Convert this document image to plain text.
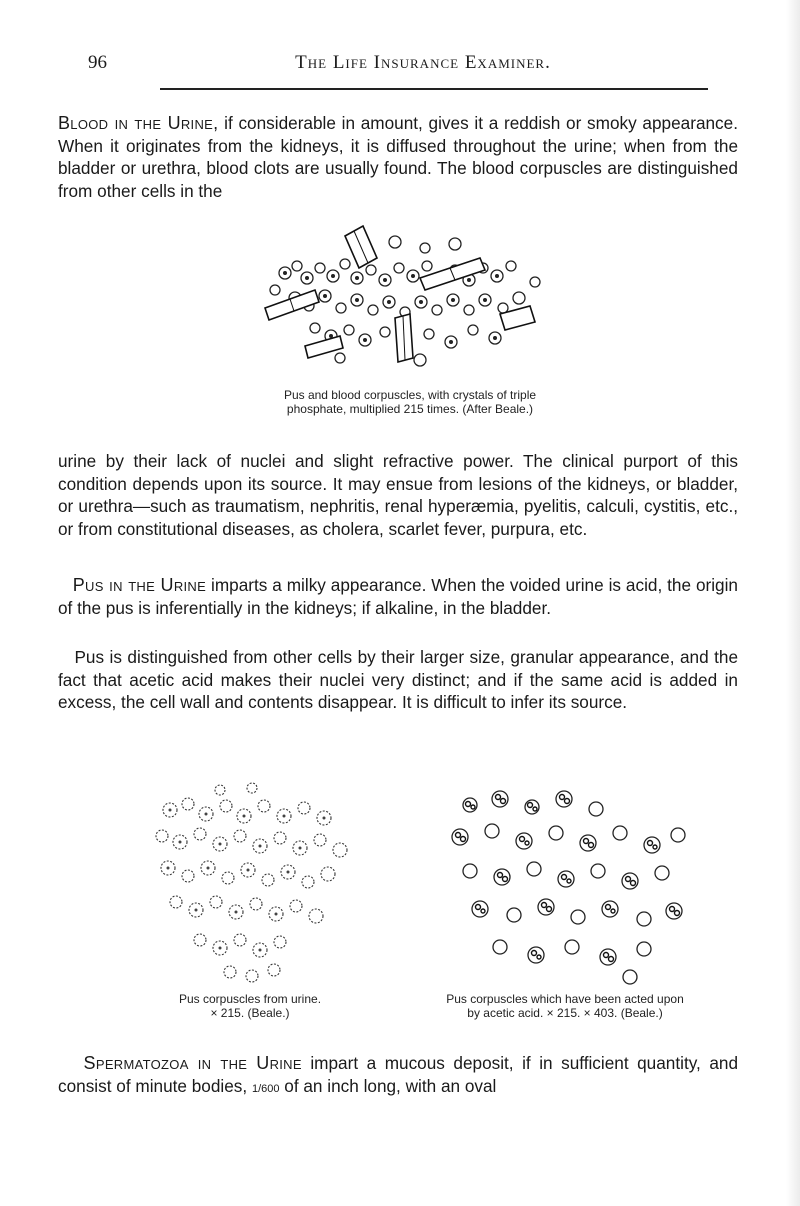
96	The Life Insurance Examiner.
Blood in the Urine, if considerable in amount, gives it a reddish or smoky appearance. When it originates from the kidneys, it is diffused throughout the urine; when from the bladder or urethra, blood clots are usually found. The blood corpuscles are distinguished from other cells in the
Pus and blood corpuscles, with crystals of triple
phosphate, multiplied 215 times. (After Beale.)
urine by their lack of nuclei and slight refractive power. The clinical purport of this condition depends upon its source. It may ensue from lesions of the kidneys, or bladder, or urethra—such as traumatism, nephritis, renal hyperæmia, pyelitis, calculi, cystitis, etc., or from constitutional diseases, as cholera, scarlet fever, purpura, etc.
Pus in the Urine imparts a milky appearance. When the voided urine is acid, the origin of the pus is inferentially in the kidneys; if alkaline, in the bladder.
Pus is distinguished from other cells by their larger size, granular appearance, and the fact that acetic acid makes their nuclei very distinct; and if the same acid is added in excess, the cell wall and contents disappear. It is difficult to infer its source.
Pus corpuscles from urine.
× 215. (Beale.)
Pus corpuscles which have been acted upon
by acetic acid. × 215. × 403. (Beale.)
Spermatozoa in the Urine impart a mucous deposit, if in sufficient quantity, and consist of minute bodies, 1/600 of an inch long, with an oval
